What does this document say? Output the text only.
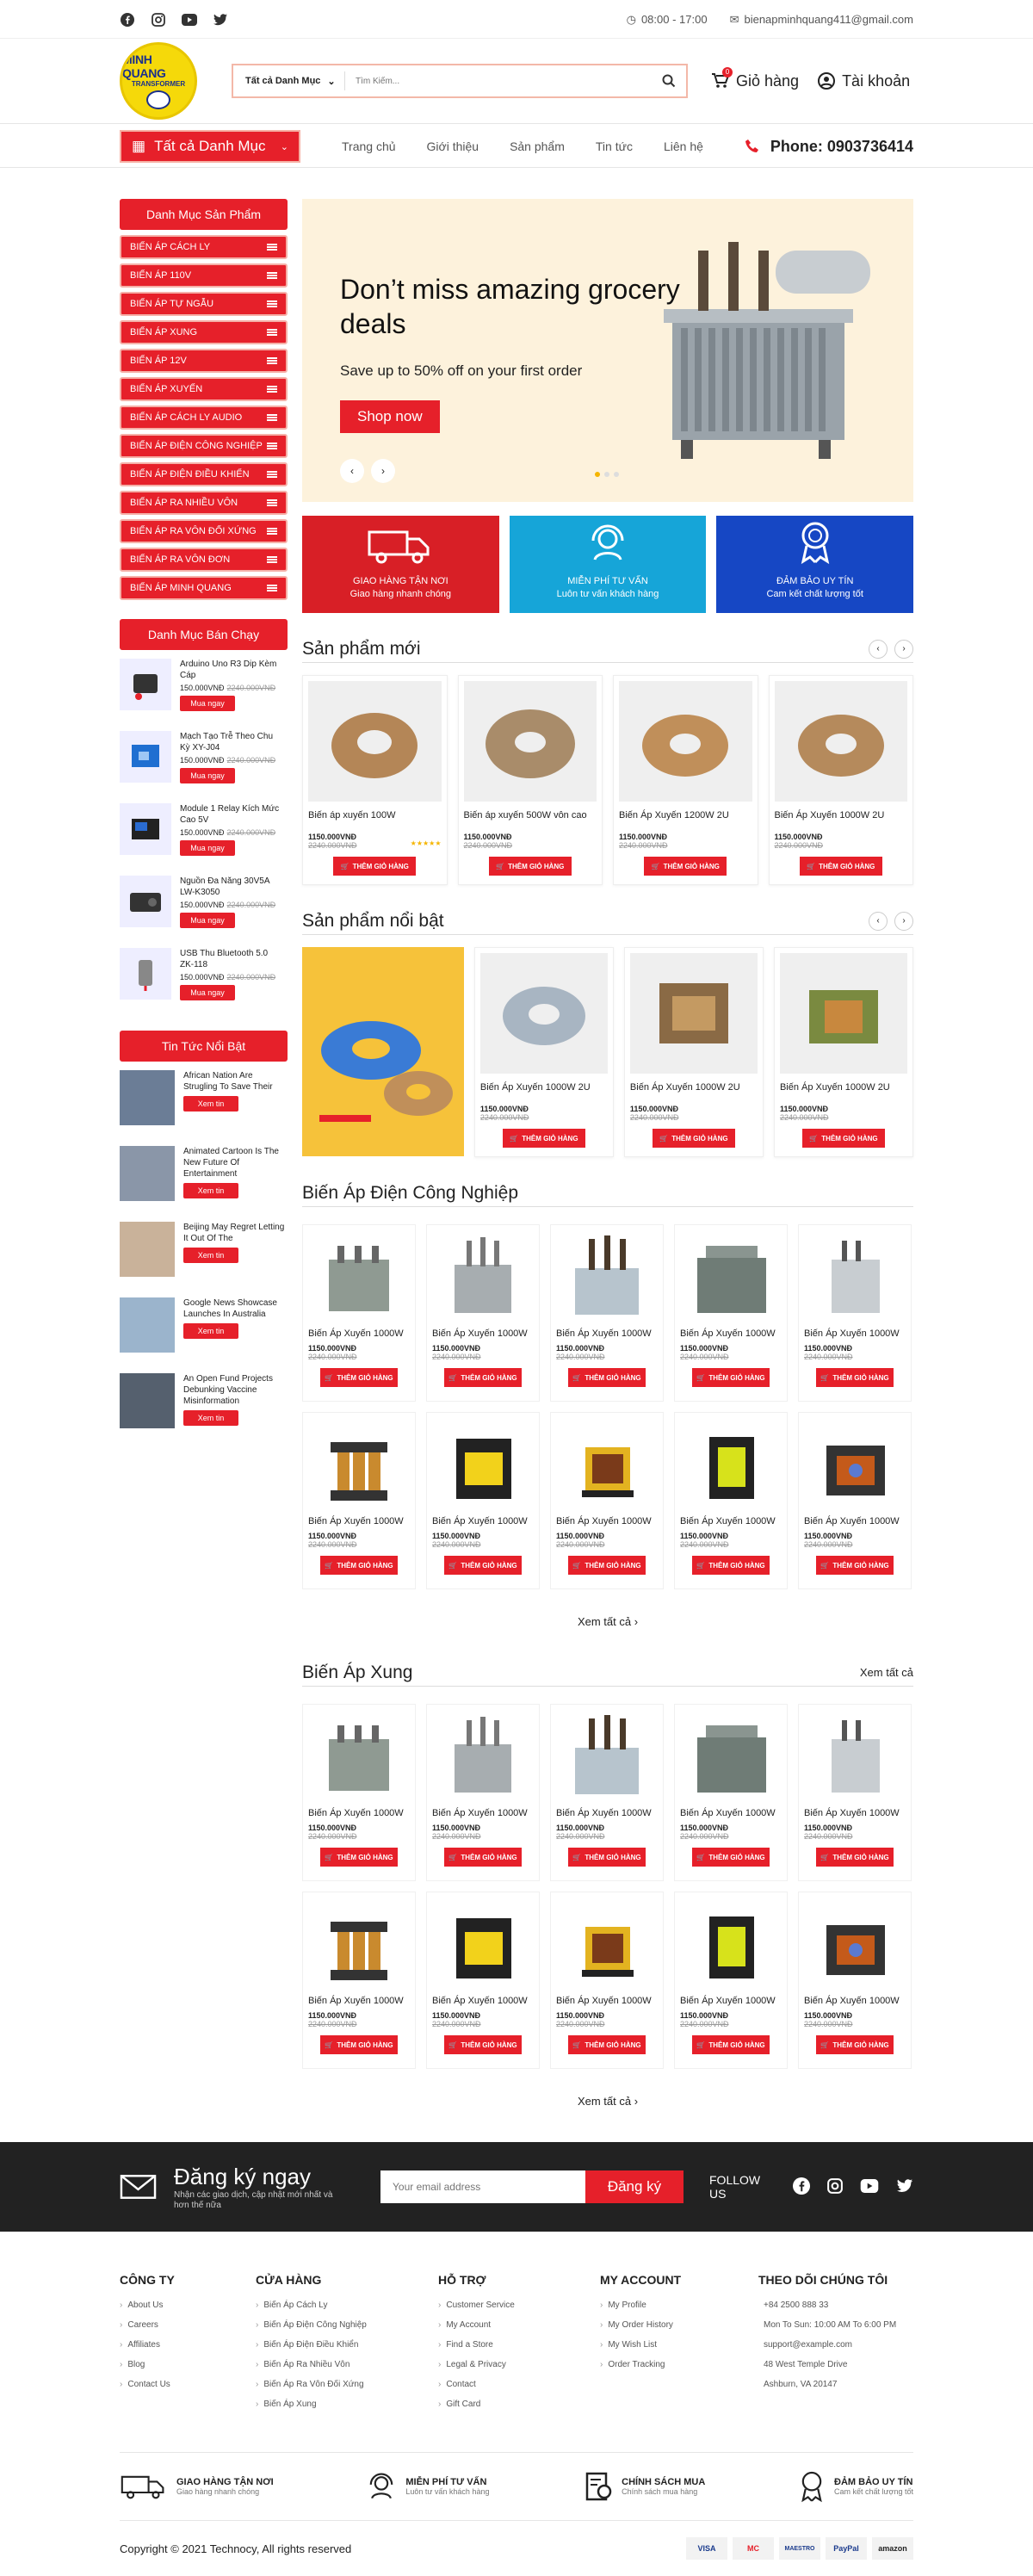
◷ 08:00 - 17:00 ✉ bienapminhquang411@gmail.com
MINH QUANG
TRANSFORMER	Tất cả Danh Mục ⌄
Tìm Kiếm...
0 Giỏ hàng	Tài khoản
▦ Tất cả Danh Mục ⌄	Trang chủ	Giới thiệu	Sản phẩm	Tin tức	Liên hệ	Phone: 0903736414
Danh Mục Sản Phẩm
BIẾN ÁP CÁCH LY
BIẾN ÁP 110V
BIẾN ÁP TỰ NGẪU
BIẾN ÁP XUNG
BIẾN ÁP 12V
BIẾN ÁP XUYẾN
BIẾN ÁP CÁCH LY AUDIO
BIẾN ÁP ĐIỆN CÔNG NGHIỆP
BIẾN ÁP ĐIỆN ĐIỀU KHIỂN
BIẾN ÁP RA NHIỀU VÔN
BIẾN ÁP RA VÔN ĐỐI XỨNG
BIẾN ÁP RA VÔN ĐƠN
BIẾN ÁP MINH QUANG
Danh Mục Bán Chạy
Arduino Uno R3 Dip Kèm Cáp
150.000VNĐ 2240.000VNĐ
Mua ngay
Mạch Tạo Trễ Theo Chu Kỳ XY-J04
150.000VNĐ 2240.000VNĐ
Mua ngay
Module 1 Relay Kích Mức Cao 5V
150.000VNĐ 2240.000VNĐ
Mua ngay
Nguồn Đa Năng 30V5A LW-K3050
150.000VNĐ 2240.000VNĐ
Mua ngay
USB Thu Bluetooth 5.0 ZK-118
150.000VNĐ 2240.000VNĐ
Mua ngay
Tin Tức Nổi Bật
African Nation Are Strugling To Save Their
Xem tin
Animated Cartoon Is The New Future Of Entertainment
Xem tin
Beijing May Regret Letting It Out Of The
Xem tin
Google News Showcase Launches In Australia
Xem tin
An Open Fund Projects Debunking Vaccine Misinformation
Xem tin
Don’t miss amazing grocery deals

Save up to 50% off on your first order

Shop now
‹	›
GIAO HÀNG TẬN NƠI
Giao hàng nhanh chóng
MIỄN PHÍ TƯ VẤN
Luôn tư vấn khách hàng
ĐẢM BẢO UY TÍN
Cam kết chất lượng tốt
Sản phẩm mới	‹	›
Biến áp xuyến 100W
1150.000VNĐ
2240.000VNĐ	★★★★★
🛒 THÊM GIỎ HÀNG
Biến áp xuyến 500W vôn cao
1150.000VNĐ
2240.000VNĐ
🛒 THÊM GIỎ HÀNG
Biến Áp Xuyến 1200W 2U
1150.000VNĐ
2240.000VNĐ
🛒 THÊM GIỎ HÀNG
Biến Áp Xuyến 1000W 2U
1150.000VNĐ
2240.000VNĐ
🛒 THÊM GIỎ HÀNG
Sản phẩm nổi bật	‹	›
Biến Áp Xuyến 1000W 2U
1150.000VNĐ
2240.000VNĐ
🛒 THÊM GIỎ HÀNG
Biến Áp Xuyến 1000W 2U
1150.000VNĐ
2240.000VNĐ
🛒 THÊM GIỎ HÀNG
Biến Áp Xuyến 1000W 2U
1150.000VNĐ
2240.000VNĐ
🛒 THÊM GIỎ HÀNG
Biến Áp Điện Công Nghiệp
Biến Áp Xuyến 1000W
1150.000VNĐ
2240.000VNĐ
🛒 THÊM GIỎ HÀNG
Biến Áp Xuyến 1000W
1150.000VNĐ
2240.000VNĐ
🛒 THÊM GIỎ HÀNG
Biến Áp Xuyến 1000W
1150.000VNĐ
2240.000VNĐ
🛒 THÊM GIỎ HÀNG
Biến Áp Xuyến 1000W
1150.000VNĐ
2240.000VNĐ
🛒 THÊM GIỎ HÀNG
Biến Áp Xuyến 1000W
1150.000VNĐ
2240.000VNĐ
🛒 THÊM GIỎ HÀNG
Biến Áp Xuyến 1000W
1150.000VNĐ
2240.000VNĐ
🛒 THÊM GIỎ HÀNG
Biến Áp Xuyến 1000W
1150.000VNĐ
2240.000VNĐ
🛒 THÊM GIỎ HÀNG
Biến Áp Xuyến 1000W
1150.000VNĐ
2240.000VNĐ
🛒 THÊM GIỎ HÀNG
Biến Áp Xuyến 1000W
1150.000VNĐ
2240.000VNĐ
🛒 THÊM GIỎ HÀNG
Biến Áp Xuyến 1000W
1150.000VNĐ
2240.000VNĐ
🛒 THÊM GIỎ HÀNG
Xem tất cả ›
Biến Áp Xung	Xem tất cả
Biến Áp Xuyến 1000W
1150.000VNĐ
2240.000VNĐ
🛒 THÊM GIỎ HÀNG
Biến Áp Xuyến 1000W
1150.000VNĐ
2240.000VNĐ
🛒 THÊM GIỎ HÀNG
Biến Áp Xuyến 1000W
1150.000VNĐ
2240.000VNĐ
🛒 THÊM GIỎ HÀNG
Biến Áp Xuyến 1000W
1150.000VNĐ
2240.000VNĐ
🛒 THÊM GIỎ HÀNG
Biến Áp Xuyến 1000W
1150.000VNĐ
2240.000VNĐ
🛒 THÊM GIỎ HÀNG
Biến Áp Xuyến 1000W
1150.000VNĐ
2240.000VNĐ
🛒 THÊM GIỎ HÀNG
Biến Áp Xuyến 1000W
1150.000VNĐ
2240.000VNĐ
🛒 THÊM GIỎ HÀNG
Biến Áp Xuyến 1000W
1150.000VNĐ
2240.000VNĐ
🛒 THÊM GIỎ HÀNG
Biến Áp Xuyến 1000W
1150.000VNĐ
2240.000VNĐ
🛒 THÊM GIỎ HÀNG
Biến Áp Xuyến 1000W
1150.000VNĐ
2240.000VNĐ
🛒 THÊM GIỎ HÀNG
Xem tất cả ›
Đăng ký ngay

Nhận các giao dịch, cập nhật mới nhất và hơn thế nữa

Your email address
Đăng ký	FOLLOW US
CÔNG TY
› About Us
› Careers
› Affiliates
› Blog
› Contact Us
CỬA HÀNG
› Biến Áp Cách Ly
› Biến Áp Điện Công Nghiệp
› Biến Áp Điện Điều Khiển
› Biến Áp Ra Nhiều Vôn
› Biến Áp Ra Vôn Đối Xứng
› Biến Áp Xung
HỖ TRỢ
› Customer Service
› My Account
› Find a Store
› Legal & Privacy
› Contact
› Gift Card
MY ACCOUNT
› My Profile
› My Order History
› My Wish List
› Order Tracking
THEO DÕI CHÚNG TÔI
+84 2500 888 33
Mon To Sun: 10:00 AM To 6:00 PM
support@example.com
48 West Temple Drive
Ashburn, VA 20147
GIAO HÀNG TẬN NƠI
Giao hàng nhanh chóng
MIỄN PHÍ TƯ VẤN
Luôn tư vấn khách hàng
CHÍNH SÁCH MUA
Chính sách mua hàng
ĐẢM BẢO UY TÍN
Cam kết chất lượng tốt
Copyright © 2021 Technocy, All rights reserved	VISA	MC	MAESTRO	PayPal	amazon
